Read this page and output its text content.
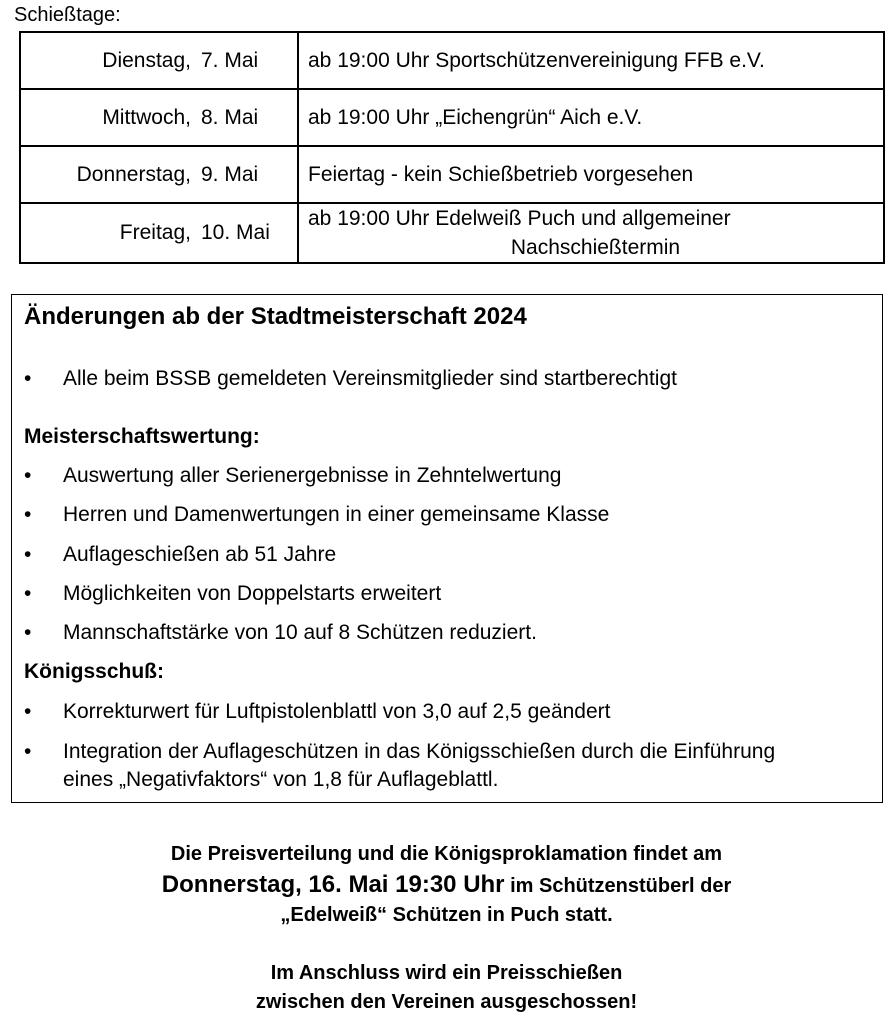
Schießtage:
Dienstag, 7. Mai	ab 19:00 Uhr Sportschützenvereinigung FFB e.V.
Mittwoch, 8. Mai	ab 19:00 Uhr „Eichengrün“ Aich e.V.
Donnerstag, 9. Mai	Feiertag - kein Schießbetrieb vorgesehen
Freitag, 10. Mai	ab 19:00 Uhr Edelweiß Puch und allgemeiner
Nachschießtermin
Änderungen ab der Stadtmeisterschaft 2024
• Alle beim BSSB gemeldeten Vereinsmitglieder sind startberechtigt
Meisterschaftswertung:
• Auswertung aller Serienergebnisse in Zehntelwertung
• Herren und Damenwertungen in einer gemeinsame Klasse
• Auflageschießen ab 51 Jahre
• Möglichkeiten von Doppelstarts erweitert
• Mannschaftstärke von 10 auf 8 Schützen reduziert.
Königsschuß:
• Korrekturwert für Luftpistolenblattl von 3,0 auf 2,5 geändert
• Integration der Auflageschützen in das Königsschießen durch die Einführung eines „Negativfaktors“ von 1,8 für Auflageblattl.
Die Preisverteilung und die Königsproklamation findet am
Donnerstag, 16. Mai 19:30 Uhr im Schützenstüberl der
„Edelweiß“ Schützen in Puch statt.
Im Anschluss wird ein Preisschießen
zwischen den Vereinen ausgeschossen!
